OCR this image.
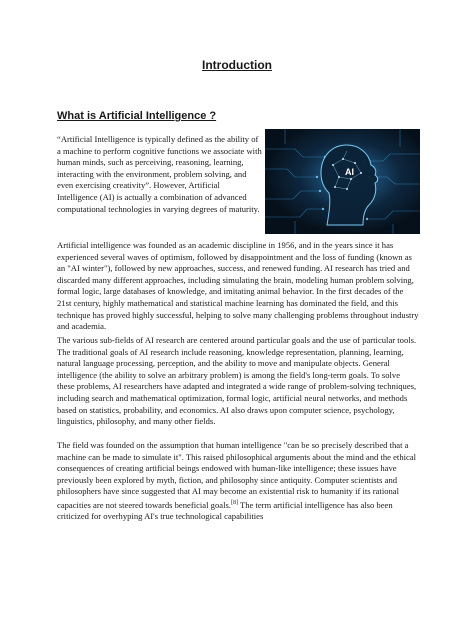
Introduction
What is Artificial Intelligence ?

“Artificial Intelligence is typically defined as the ability of a machine to perform cognitive functions we associate with human minds, such as perceiving, reasoning, learning, interacting with the environment, problem solving, and even exercising creativity”. However, Artificial Intelligence (AI) is actually a combination of advanced computational technologies in varying degrees of maturity.

AI

Artificial intelligence was founded as an academic discipline in 1956, and in the years since it has experienced several waves of optimism, followed by disappointment and the loss of funding (known as an "AI winter"), followed by new approaches, success, and renewed funding. AI research has tried and discarded many different approaches, including simulating the brain, modeling human problem solving, formal logic, large databases of knowledge, and imitating animal behavior. In the first decades of the 21st century, highly mathematical and statistical machine learning has dominated the field, and this technique has proved highly successful, helping to solve many challenging problems throughout industry and academia.

The various sub-fields of AI research are centered around particular goals and the use of particular tools. The traditional goals of AI research include reasoning, knowledge representation, planning, learning, natural language processing, perception, and the ability to move and manipulate objects. General intelligence (the ability to solve an arbitrary problem) is among the field's long-term goals. To solve these problems, AI researchers have adapted and integrated a wide range of problem-solving techniques, including search and mathematical optimization, formal logic, artificial neural networks, and methods based on statistics, probability, and economics. AI also draws upon computer science, psychology, linguistics, philosophy, and many other fields.

The field was founded on the assumption that human intelligence "can be so precisely described that a machine can be made to simulate it". This raised philosophical arguments about the mind and the ethical consequences of creating artificial beings endowed with human-like intelligence; these issues have previously been explored by myth, fiction, and philosophy since antiquity. Computer scientists and philosophers have since suggested that AI may become an existential risk to humanity if its rational capacities are not steered towards beneficial goals.[8] The term artificial intelligence has also been criticized for overhyping AI's true technological capabilities
